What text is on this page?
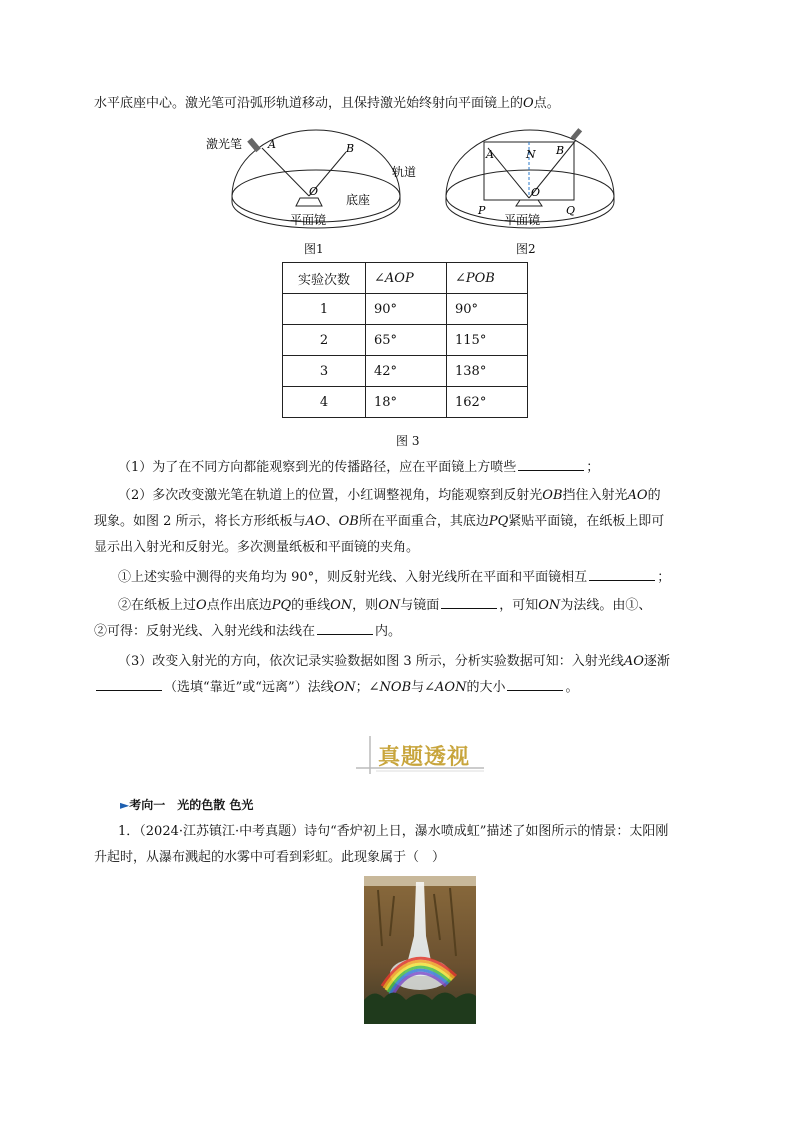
水平底座中心。激光笔可沿弧形轨道移动，且保持激光始终射向平面镜上的O点。
A	B
O
激光笔
轨道
底座
平面镜
图1
A	N B
O
P	Q
平面镜
图2
实验次数	∠AOP	∠POB
1	90°	90°
2	65°	115°
3	42°	138°
4	18°	162°
图 3
（1）为了在不同方向都能观察到光的传播路径，应在平面镜上方喷些	；
（2）多次改变激光笔在轨道上的位置，小红调整视角，均能观察到反射光OB挡住入射光AO的
现象。如图 2 所示，将长方形纸板与AO、OB所在平面重合，其底边PQ紧贴平面镜，在纸板上即可
显示出入射光和反射光。多次测量纸板和平面镜的夹角。
①上述实验中测得的夹角均为 90°，则反射光线、入射光线所在平面和平面镜相互	；
②在纸板上过O点作出底边PQ的垂线ON，则ON与镜面	，可知ON为法线。由①、
②可得：反射光线、入射光线和法线在	内。
（3）改变入射光的方向，依次记录实验数据如图 3 所示，分析实验数据可知：入射光线AO逐渐
（选填“靠近”或“远离”）法线ON；∠NOB与∠AON的大小	。
真题透视
►考向一　光的色散 色光
1．（2024·江苏镇江·中考真题）诗句“香炉初上日，瀑水喷成虹”描述了如图所示的情景：太阳刚
升起时，从瀑布溅起的水雾中可看到彩虹。此现象属于（　）
